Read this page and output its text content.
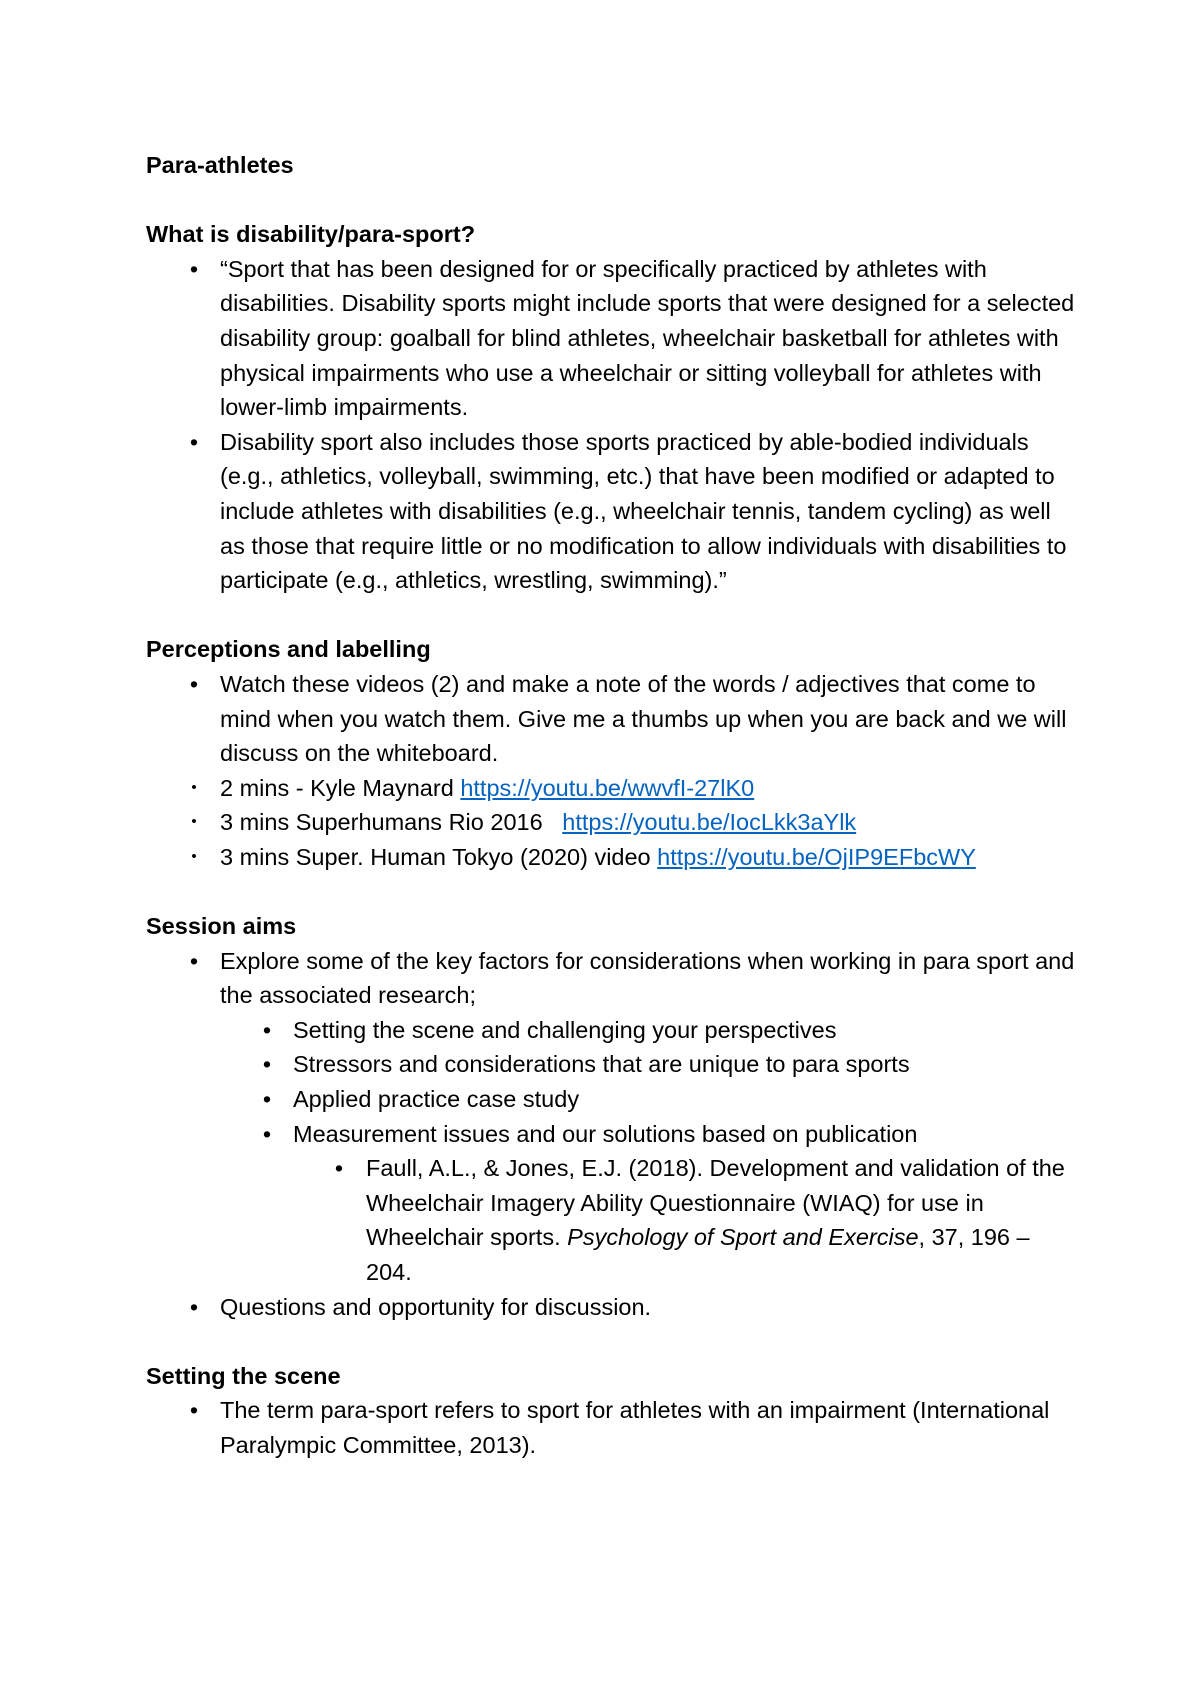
Para-athletes

What is disability/para-sport?

• “Sport that has been designed for or specifically practiced by athletes with disabilities. Disability sports might include sports that were designed for a selected disability group: goalball for blind athletes, wheelchair basketball for athletes with physical impairments who use a wheelchair or sitting volleyball for athletes with lower-limb impairments.
• Disability sport also includes those sports practiced by able-bodied individuals (e.g., athletics, volleyball, swimming, etc.) that have been modified or adapted to include athletes with disabilities (e.g., wheelchair tennis, tandem cycling) as well as those that require little or no modification to allow individuals with disabilities to participate (e.g., athletics, wrestling, swimming).”

Perceptions and labelling

• Watch these videos (2) and make a note of the words / adjectives that come to mind when you watch them. Give me a thumbs up when you are back and we will discuss on the whiteboard.
• 2 mins - Kyle Maynard https://youtu.be/wwvfI-27lK0
• 3 mins Superhumans Rio 2016   https://youtu.be/IocLkk3aYlk
• 3 mins Super. Human Tokyo (2020) video https://youtu.be/OjIP9EFbcWY

Session aims

• Explore some of the key factors for considerations when working in para sport and the associated research;
• Setting the scene and challenging your perspectives
• Stressors and considerations that are unique to para sports
• Applied practice case study
• Measurement issues and our solutions based on publication
• Faull, A.L., & Jones, E.J. (2018). Development and validation of the Wheelchair Imagery Ability Questionnaire (WIAQ) for use in Wheelchair sports. Psychology of Sport and Exercise, 37, 196 – 204.
• Questions and opportunity for discussion.

Setting the scene

• The term para-sport refers to sport for athletes with an impairment (International Paralympic Committee, 2013).
